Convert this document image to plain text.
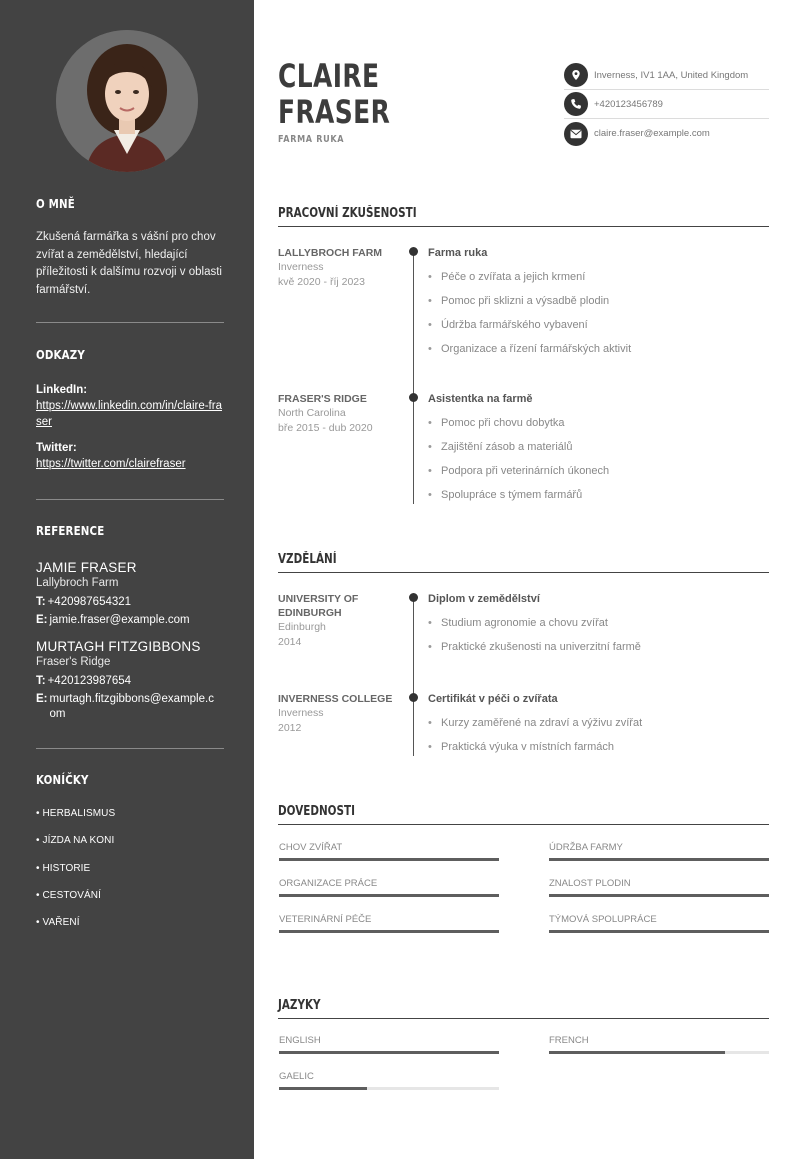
O MNĚ

Zkušená farmářka s vášní pro chov zvířat a zemědělství, hledající příležitosti k dalšímu rozvoji v oblasti farmářství.

ODKAZY
LinkedIn:
https://www.linkedin.com/in/claire-fraser
Twitter:
https://twitter.com/clairefraser
REFERENCE
JAMIE FRASER
Lallybroch Farm
T: +420987654321
E: jamie.fraser@example.com
MURTAGH FITZGIBBONS
Fraser's Ridge
T: +420123987654
E: murtagh.fitzgibbons@example.com
KONÍČKY
• HERBALISMUS
• JÍZDA NA KONI
• HISTORIE
• CESTOVÁNÍ
• VAŘENÍ
CLAIRE
FRASER
FARMA RUKA
Inverness, IV1 1AA, United Kingdom
+420123456789
claire.fraser@example.com
PRACOVNÍ ZKUŠENOSTI
LALLYBROCH FARM
Inverness
kvě 2020 - říj 2023
Farma ruka
• Péče o zvířata a jejich krmení
• Pomoc při sklizni a výsadbě plodin
• Údržba farmářského vybavení
• Organizace a řízení farmářských aktivit
FRASER'S RIDGE
North Carolina
bře 2015 - dub 2020
Asistentka na farmě
• Pomoc při chovu dobytka
• Zajištění zásob a materiálů
• Podpora při veterinárních úkonech
• Spolupráce s týmem farmářů
VZDĚLÁNÍ
UNIVERSITY OF EDINBURGH
Edinburgh
2014
Diplom v zemědělství
• Studium agronomie a chovu zvířat
• Praktické zkušenosti na univerzitní farmě
INVERNESS COLLEGE
Inverness
2012
Certifikát v péči o zvířata
• Kurzy zaměřené na zdraví a výživu zvířat
• Praktická výuka v místních farmách
DOVEDNOSTI
CHOV ZVÍŘAT	ÚDRŽBA FARMY
ORGANIZACE PRÁCE	ZNALOST PLODIN
VETERINÁRNÍ PÉČE	TÝMOVÁ SPOLUPRÁCE
JAZYKY
ENGLISH	FRENCH
GAELIC
